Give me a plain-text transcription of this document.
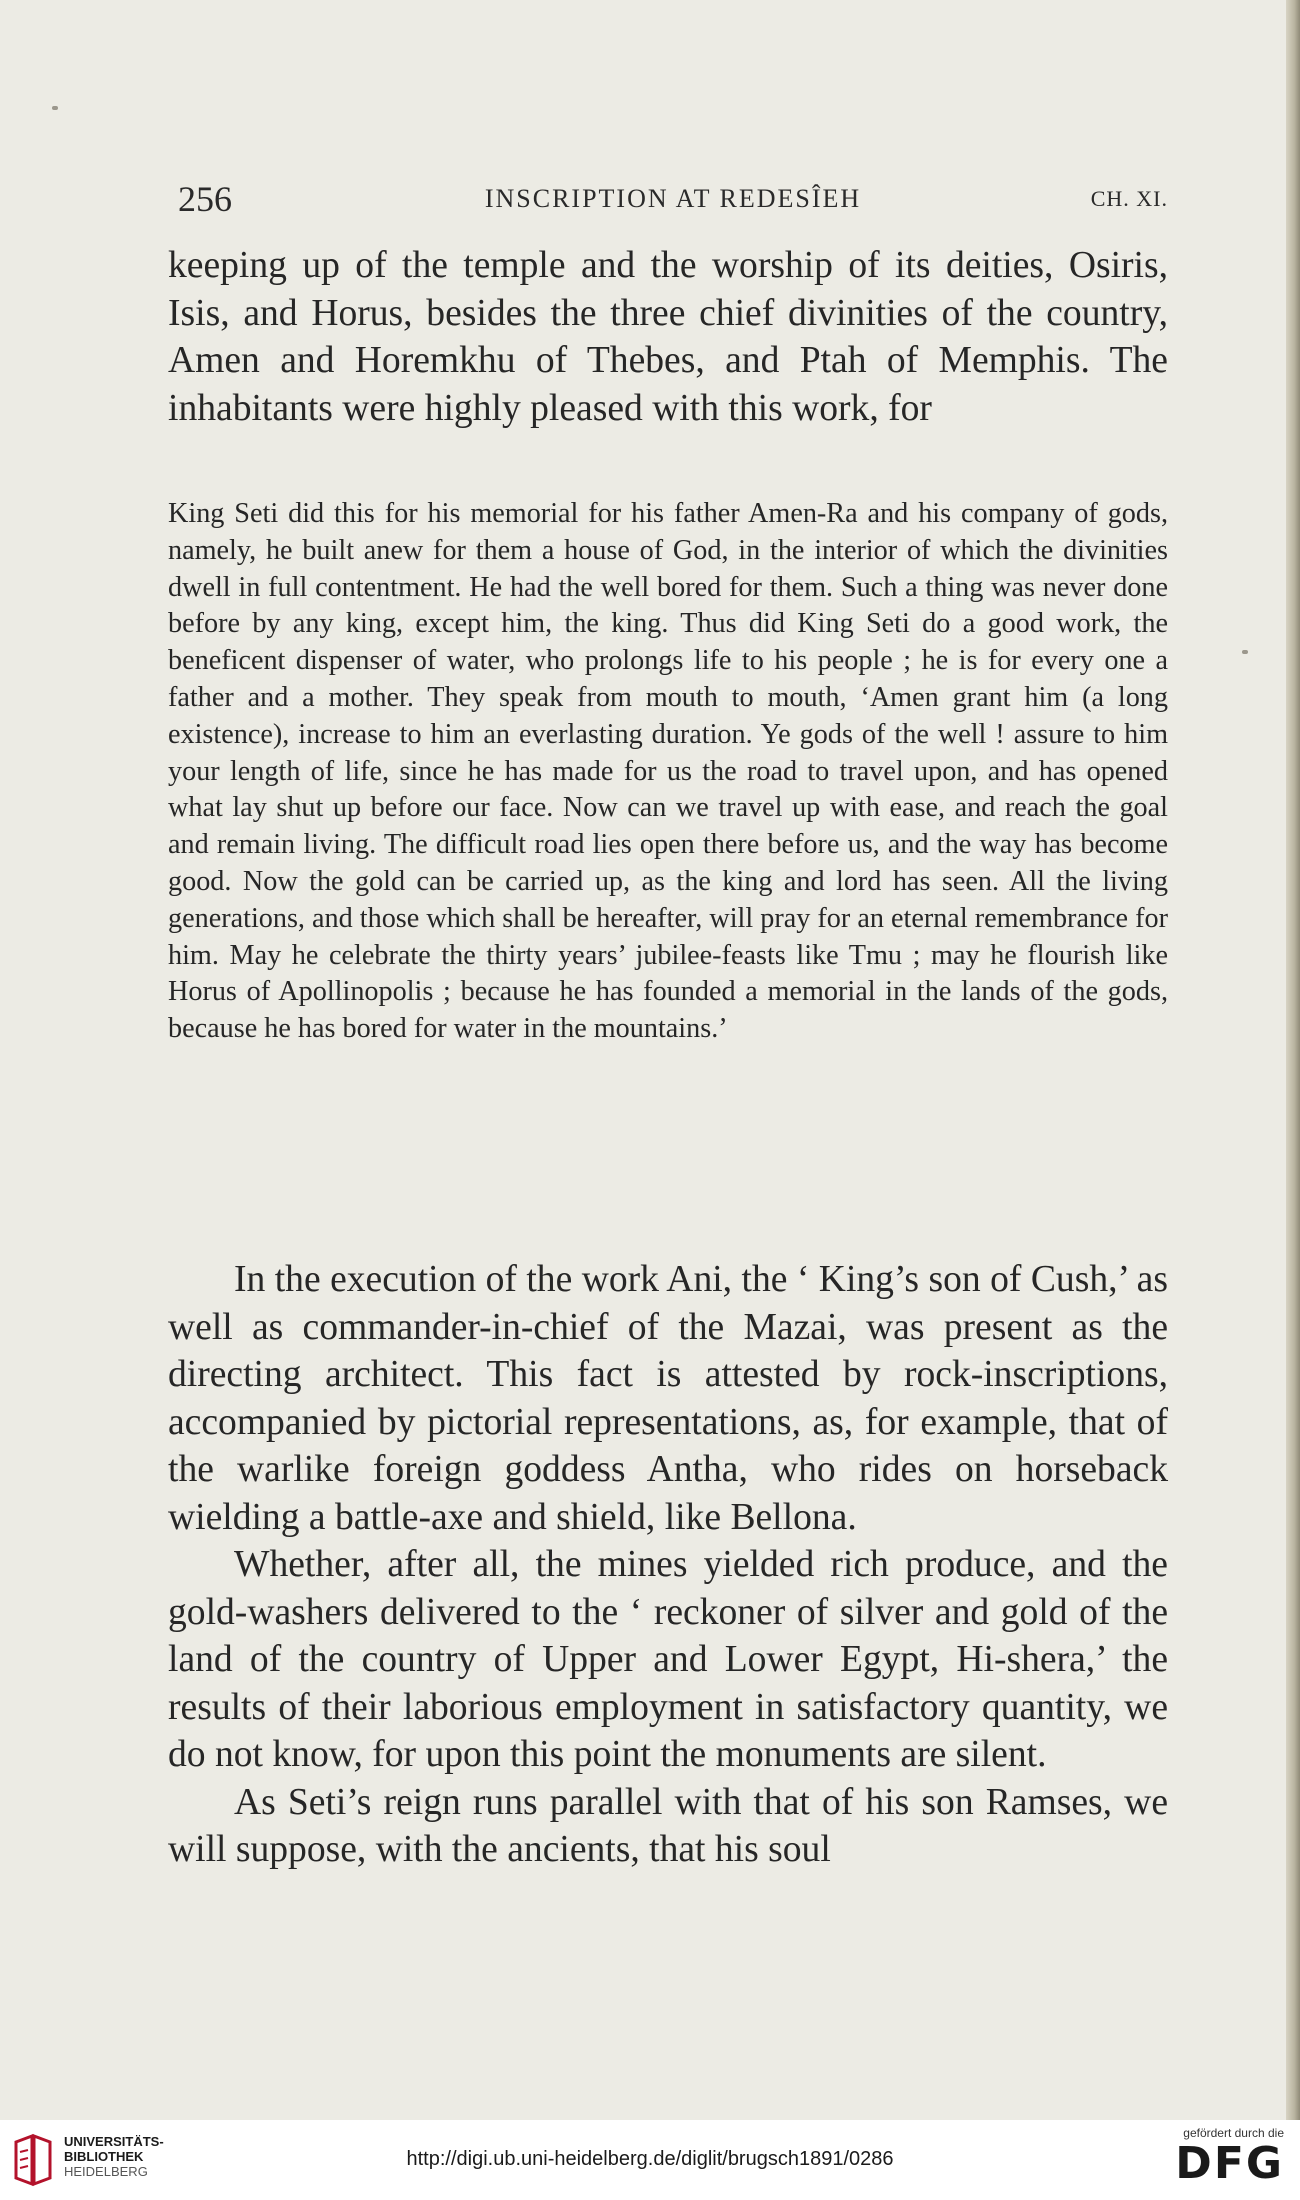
256	INSCRIPTION AT REDESÎEH	CH. XI.

keeping up of the temple and the worship of its deities, Osiris, Isis, and Horus, besides the three chief divinities of the country, Amen and Horemkhu of Thebes, and Ptah of Memphis. The inhabitants were highly pleased with this work, for

King Seti did this for his memorial for his father Amen-Ra and his company of gods, namely, he built anew for them a house of God, in the interior of which the divinities dwell in full contentment. He had the well bored for them. Such a thing was never done before by any king, except him, the king. Thus did King Seti do a good work, the beneficent dispenser of water, who prolongs life to his people ; he is for every one a father and a mother. They speak from mouth to mouth, ‘Amen grant him (a long existence), increase to him an everlasting duration. Ye gods of the well ! assure to him your length of life, since he has made for us the road to travel upon, and has opened what lay shut up before our face. Now can we travel up with ease, and reach the goal and remain living. The difficult road lies open there before us, and the way has become good. Now the gold can be carried up, as the king and lord has seen. All the living generations, and those which shall be hereafter, will pray for an eternal remembrance for him. May he celebrate the thirty years’ jubilee-feasts like Tmu ; may he flourish like Horus of Apollinopolis ; because he has founded a memorial in the lands of the gods, because he has bored for water in the mountains.’

In the execution of the work Ani, the ‘ King’s son of Cush,’ as well as commander-in-chief of the Mazai, was present as the directing architect. This fact is attested by rock-inscriptions, accompanied by pictorial representations, as, for example, that of the warlike foreign goddess Antha, who rides on horseback wielding a battle-axe and shield, like Bellona.

Whether, after all, the mines yielded rich produce, and the gold-washers delivered to the ‘ reckoner of silver and gold of the land of the country of Upper and Lower Egypt, Hi-shera,’ the results of their laborious employment in satisfactory quantity, we do not know, for upon this point the monuments are silent.

As Seti’s reign runs parallel with that of his son Ramses, we will suppose, with the ancients, that his soul

UNIVERSITÄTS-
BIBLIOTHEK
HEIDELBERG
http://digi.ub.uni-heidelberg.de/diglit/brugsch1891/0286
gefördert durch die
DFG
